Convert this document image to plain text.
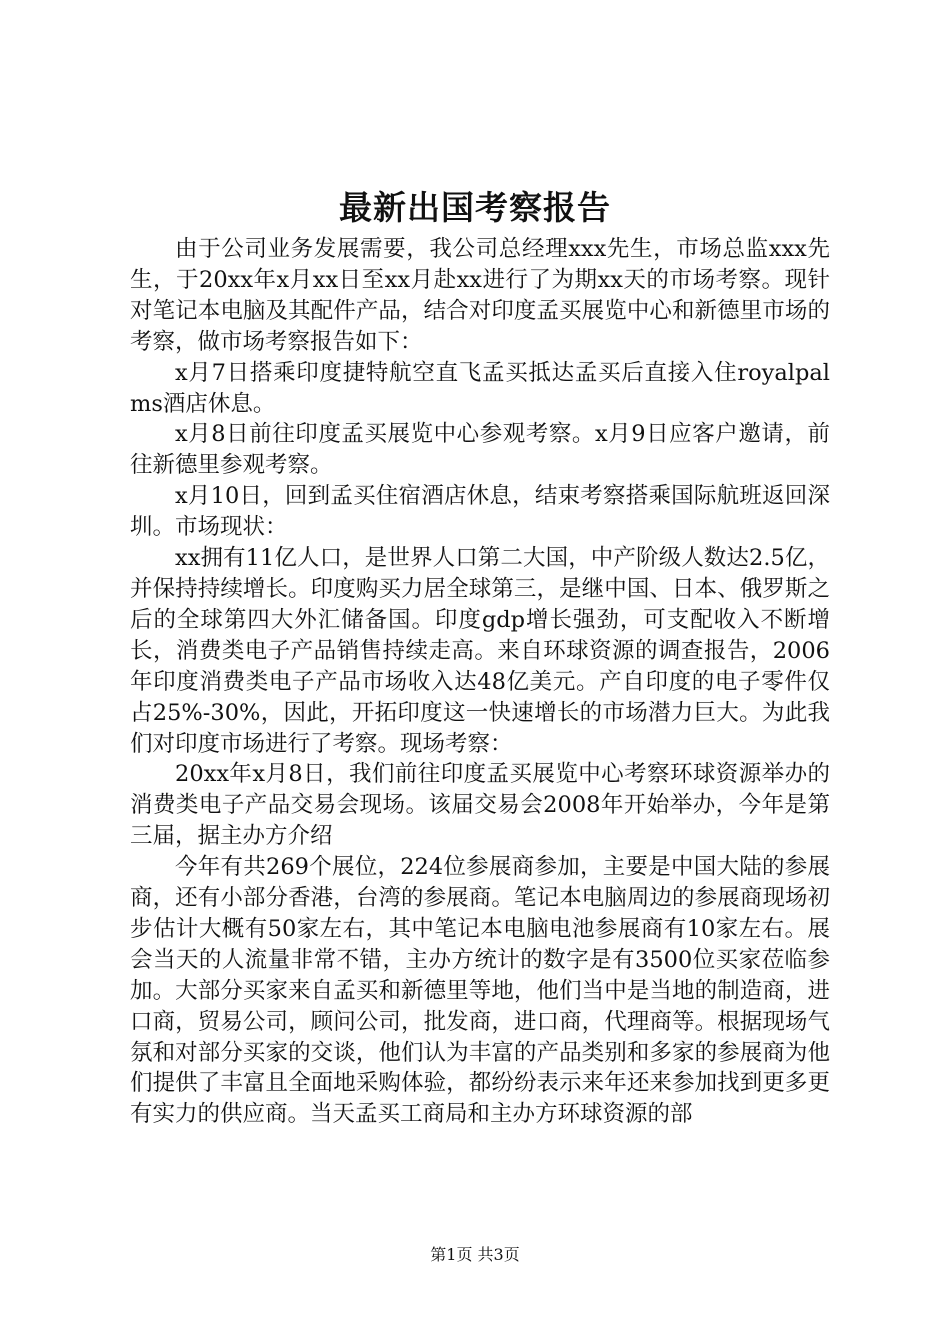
最新出国考察报告

由于公司业务发展需要，我公司总经理xxx先生，市场总监xxx先生，于20xx年x月xx日至xx月赴xx进行了为期xx天的市场考察。现针对笔记本电脑及其配件产品，结合对印度孟买展览中心和新德里市场的考察，做市场考察报告如下：

x月7日搭乘印度捷特航空直飞孟买抵达孟买后直接入住royalpalms酒店休息。

x月8日前往印度孟买展览中心参观考察。x月9日应客户邀请，前往新德里参观考察。

x月10日，回到孟买住宿酒店休息，结束考察搭乘国际航班返回深圳。市场现状：

xx拥有11亿人口，是世界人口第二大国，中产阶级人数达2.5亿，并保持持续增长。印度购买力居全球第三，是继中国、日本、俄罗斯之后的全球第四大外汇储备国。印度gdp增长强劲，可支配收入不断增长，消费类电子产品销售持续走高。来自环球资源的调查报告，2006年印度消费类电子产品市场收入达48亿美元。产自印度的电子零件仅占25%-30%，因此，开拓印度这一快速增长的市场潜力巨大。为此我们对印度市场进行了考察。现场考察：

20xx年x月8日，我们前往印度孟买展览中心考察环球资源举办的消费类电子产品交易会现场。该届交易会2008年开始举办，今年是第三届，据主办方介绍

今年有共269个展位，224位参展商参加，主要是中国大陆的参展商，还有小部分香港，台湾的参展商。笔记本电脑周边的参展商现场初步估计大概有50家左右，其中笔记本电脑电池参展商有10家左右。展会当天的人流量非常不错，主办方统计的数字是有3500位买家莅临参加。大部分买家来自孟买和新德里等地，他们当中是当地的制造商，进口商，贸易公司，顾问公司，批发商，进口商，代理商等。根据现场气氛和对部分买家的交谈，他们认为丰富的产品类别和多家的参展商为他们提供了丰富且全面地采购体验，都纷纷表示来年还来参加找到更多更有实力的供应商。当天孟买工商局和主办方环球资源的部

第1页 共3页
